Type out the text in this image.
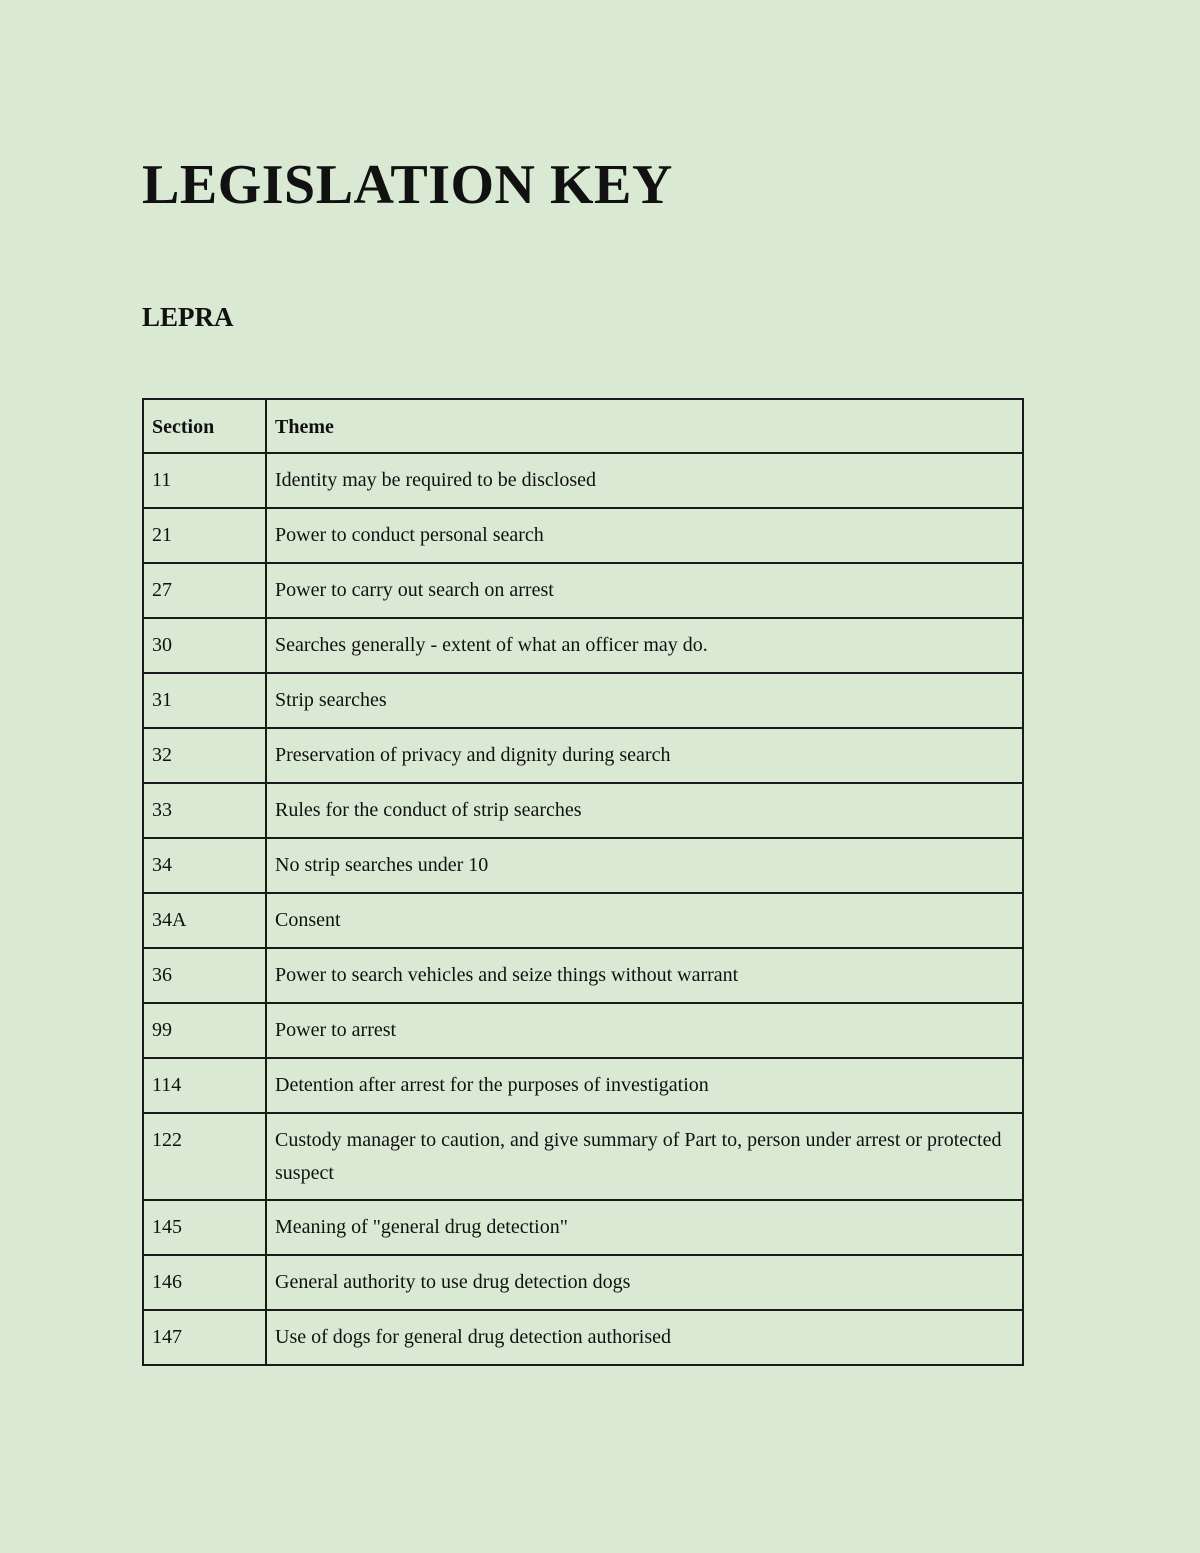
LEGISLATION KEY
LEPRA
Section	Theme
11	Identity may be required to be disclosed
21	Power to conduct personal search
27	Power to carry out search on arrest
30	Searches generally - extent of what an officer may do.
31	Strip searches
32	Preservation of privacy and dignity during search
33	Rules for the conduct of strip searches
34	No strip searches under 10
34A	Consent
36	Power to search vehicles and seize things without warrant
99	Power to arrest
114	Detention after arrest for the purposes of investigation
122	Custody manager to caution, and give summary of Part to, person under arrest or protected suspect
145	Meaning of "general drug detection"
146	General authority to use drug detection dogs
147	Use of dogs for general drug detection authorised
